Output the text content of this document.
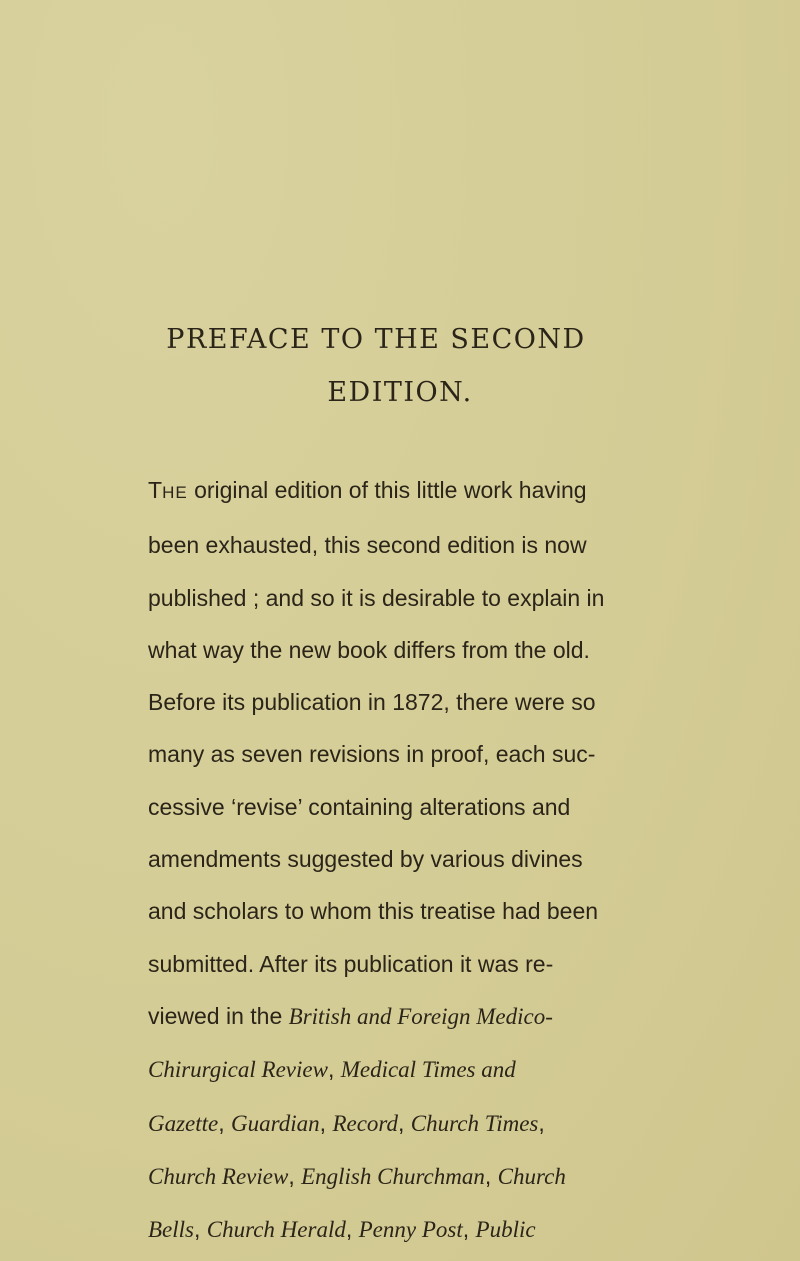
PREFACE TO THE SECOND
EDITION.
THE original edition of this little work having
been exhausted, this second edition is now
published ; and so it is desirable to explain in
what way the new book differs from the old.
Before its publication in 1872, there were so
many as seven revisions in proof, each suc-
cessive ‘revise’ containing alterations and
amendments suggested by various divines
and scholars to whom this treatise had been
submitted. After its publication it was re-
viewed in the British and Foreign Medico-
Chirurgical Review, Medical Times and
Gazette, Guardian, Record, Church Times,
Church Review, English Churchman, Church
Bells, Church Herald, Penny Post, Public
